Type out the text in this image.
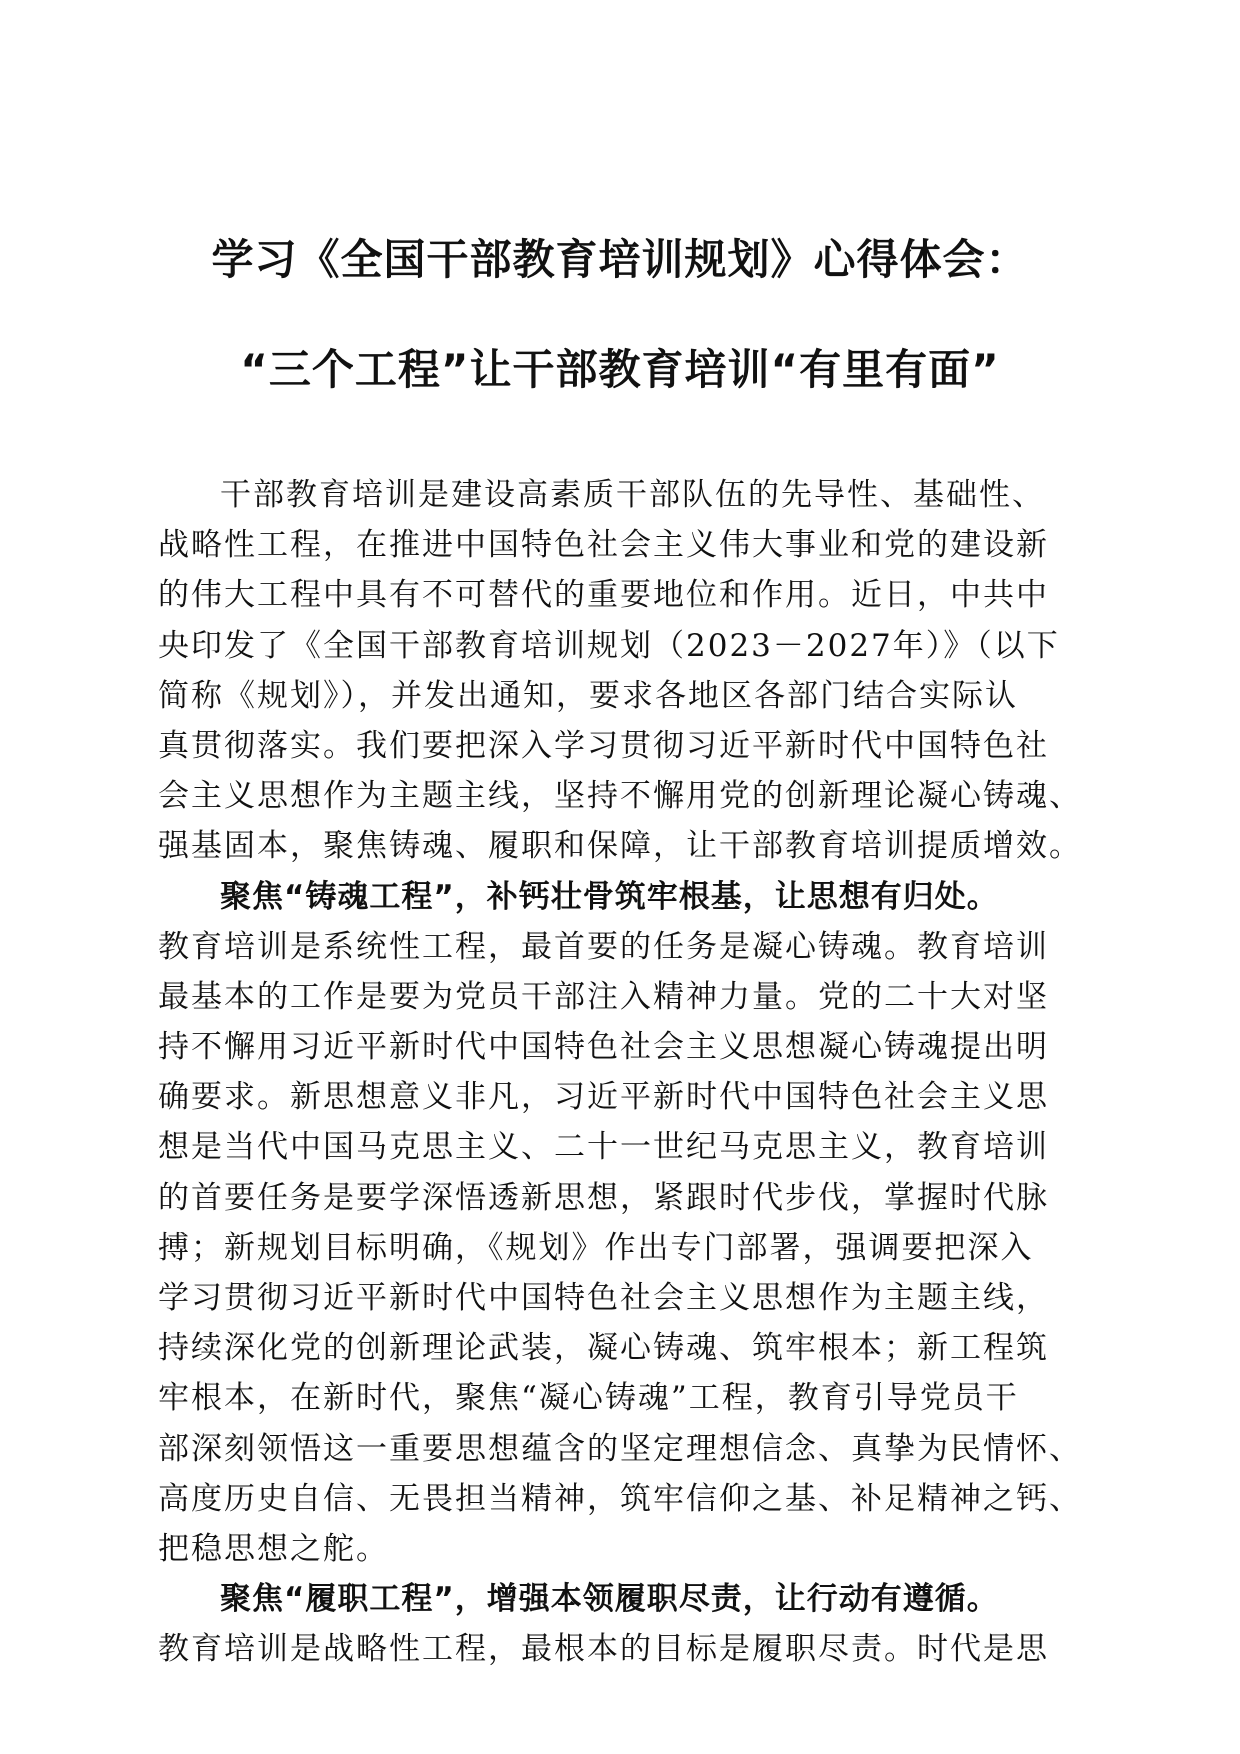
学习《全国干部教育培训规划》心得体会：
“三个工程”让干部教育培训“有里有面”
干部教育培训是建设高素质干部队伍的先导性、基础性、
战略性工程，在推进中国特色社会主义伟大事业和党的建设新
的伟大工程中具有不可替代的重要地位和作用。近日，中共中
央印发了《全国干部教育培训规划（2023－2027年）》（以下
简称《规划》），并发出通知，要求各地区各部门结合实际认
真贯彻落实。我们要把深入学习贯彻习近平新时代中国特色社
会主义思想作为主题主线，坚持不懈用党的创新理论凝心铸魂、
强基固本，聚焦铸魂、履职和保障，让干部教育培训提质增效。
聚焦“铸魂工程”，补钙壮骨筑牢根基，让思想有归处。
教育培训是系统性工程，最首要的任务是凝心铸魂。教育培训
最基本的工作是要为党员干部注入精神力量。党的二十大对坚
持不懈用习近平新时代中国特色社会主义思想凝心铸魂提出明
确要求。新思想意义非凡，习近平新时代中国特色社会主义思
想是当代中国马克思主义、二十一世纪马克思主义，教育培训
的首要任务是要学深悟透新思想，紧跟时代步伐，掌握时代脉
搏；新规划目标明确，《规划》作出专门部署，强调要把深入
学习贯彻习近平新时代中国特色社会主义思想作为主题主线，
持续深化党的创新理论武装，凝心铸魂、筑牢根本；新工程筑
牢根本，在新时代，聚焦“凝心铸魂”工程，教育引导党员干
部深刻领悟这一重要思想蕴含的坚定理想信念、真挚为民情怀、
高度历史自信、无畏担当精神，筑牢信仰之基、补足精神之钙、
把稳思想之舵。
聚焦“履职工程”，增强本领履职尽责，让行动有遵循。
教育培训是战略性工程，最根本的目标是履职尽责。时代是思
